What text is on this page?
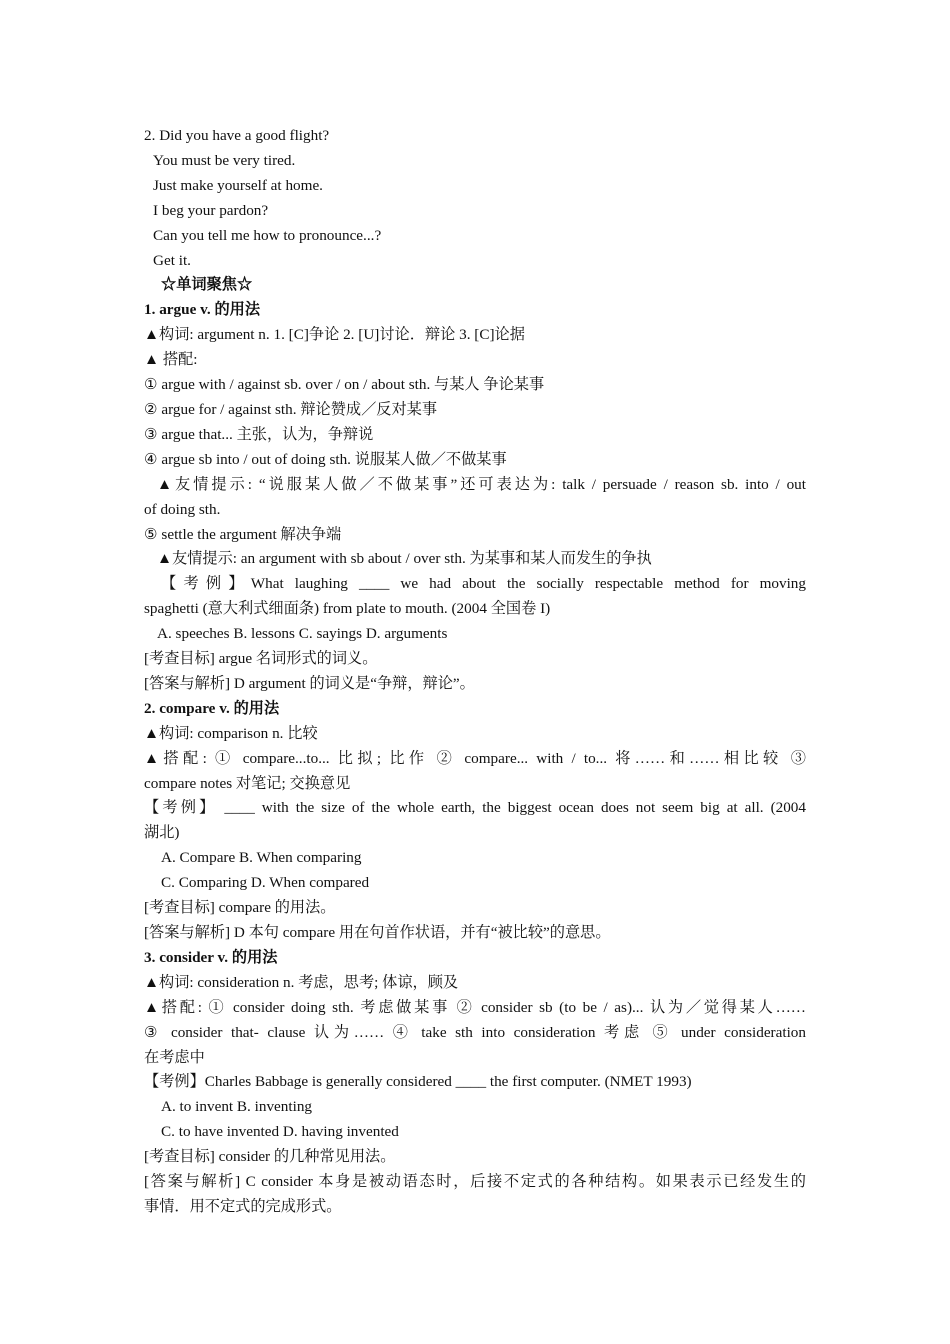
2. Did you have a good flight?
You must be very tired.
Just make yourself at home.
I beg your pardon?
Can you tell me how to pronounce...?
Get it.
☆单词聚焦☆
1. argue v. 的用法
▲构词: argument n. 1. [C]争论 2. [U]讨论．辩论 3. [C]论据
▲ 搭配:
① argue with / against sb. over / on / about sth. 与某人 争论某事
② argue for / against sth. 辩论赞成／反对某事
③ argue that... 主张，认为，争辩说
④ argue sb into / out of doing sth. 说服某人做／不做某事
▲友情提示: “说服某人做／不做某事”还可表达为: talk / persuade / reason sb. into / out
of doing sth.
⑤ settle the argument 解决争端
▲友情提示: an argument with sb about / over sth. 为某事和某人而发生的争执
【考例】What laughing ____ we had about the socially respectable method for moving
spaghetti (意大利式细面条) from plate to mouth. (2004 全国卷 I)
A. speeches B. lessons C. sayings D. arguments
[考查目标] argue 名词形式的词义。
[答案与解析] D argument 的词义是“争辩，辩论”。
2. compare v. 的用法
▲构词: comparison n. 比较
▲搭配: ① compare...to... 比拟; 比作 ② compare... with / to... 将……和……相比较 ③
compare notes 对笔记; 交换意见
【考例】 ____ with the size of the whole earth, the biggest ocean does not seem big at all. (2004
湖北)
A. Compare B. When comparing
C. Comparing D. When compared
[考查目标] compare 的用法。
[答案与解析] D 本句 compare 用在句首作状语，并有“被比较”的意思。
3. consider v. 的用法
▲构词: consideration n. 考虑，思考; 体谅，顾及
▲搭配: ① consider doing sth. 考虑做某事 ② consider sb (to be / as)... 认为／觉得某人……
③ consider that- clause 认为…… ④ take sth into consideration 考虑 ⑤ under consideration
在考虑中
【考例】Charles Babbage is generally considered ____ the first computer. (NMET 1993)
A. to invent B. inventing
C. to have invented D. having invented
[考查目标] consider 的几种常见用法。
[答案与解析] C consider 本身是被动语态时，后接不定式的各种结构。如果表示已经发生的
事情．用不定式的完成形式。
